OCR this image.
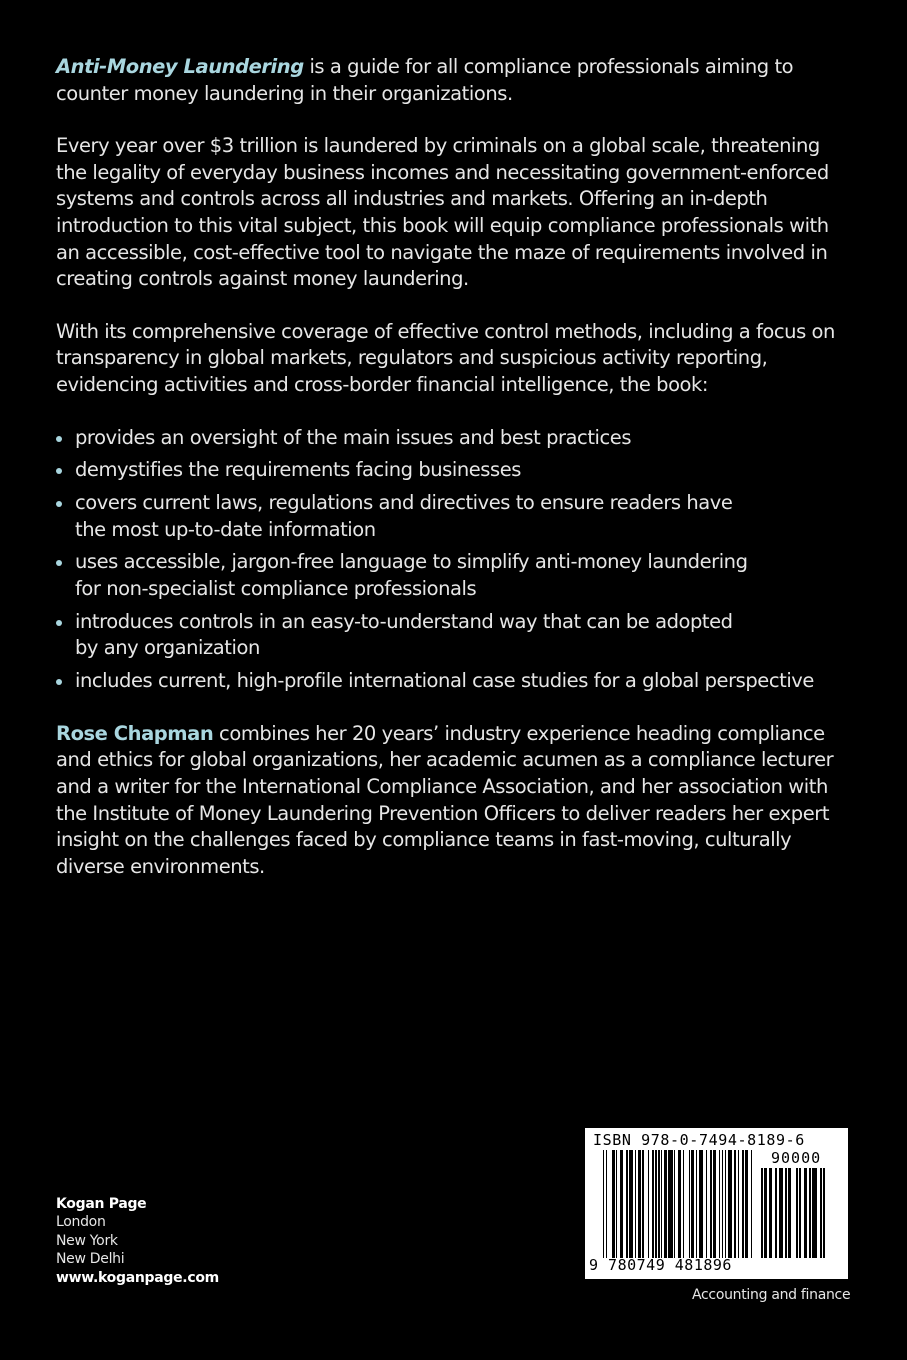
Anti-Money Laundering is a guide for all compliance professionals aiming to counter money laundering in their organizations.

Every year over $3 trillion is laundered by criminals on a global scale, threatening the legality of everyday business incomes and necessitating government-enforced systems and controls across all industries and markets. Offering an in-depth introduction to this vital subject, this book will equip compliance professionals with an accessible, cost-effective tool to navigate the maze of requirements involved in creating controls against money laundering.

With its comprehensive coverage of effective control methods, including a focus on transparency in global markets, regulators and suspicious activity reporting, evidencing activities and cross-border financial intelligence, the book:

provides an oversight of the main issues and best practices
demystifies the requirements facing businesses
covers current laws, regulations and directives to ensure readers have the most up-to-date information
uses accessible, jargon-free language to simplify anti-money laundering for non-specialist compliance professionals
introduces controls in an easy-to-understand way that can be adopted by any organization
includes current, high-profile international case studies for a global perspective

Rose Chapman combines her 20 years’ industry experience heading compliance and ethics for global organizations, her academic acumen as a compliance lecturer and a writer for the International Compliance Association, and her association with the Institute of Money Laundering Prevention Officers to deliver readers her expert insight on the challenges faced by compliance teams in fast-moving, culturally diverse environments.

Kogan Page
London
New York
New Delhi
www.koganpage.com
ISBN 978-0-7494-8189-6
90000
9 780749 481896
Accounting and finance
